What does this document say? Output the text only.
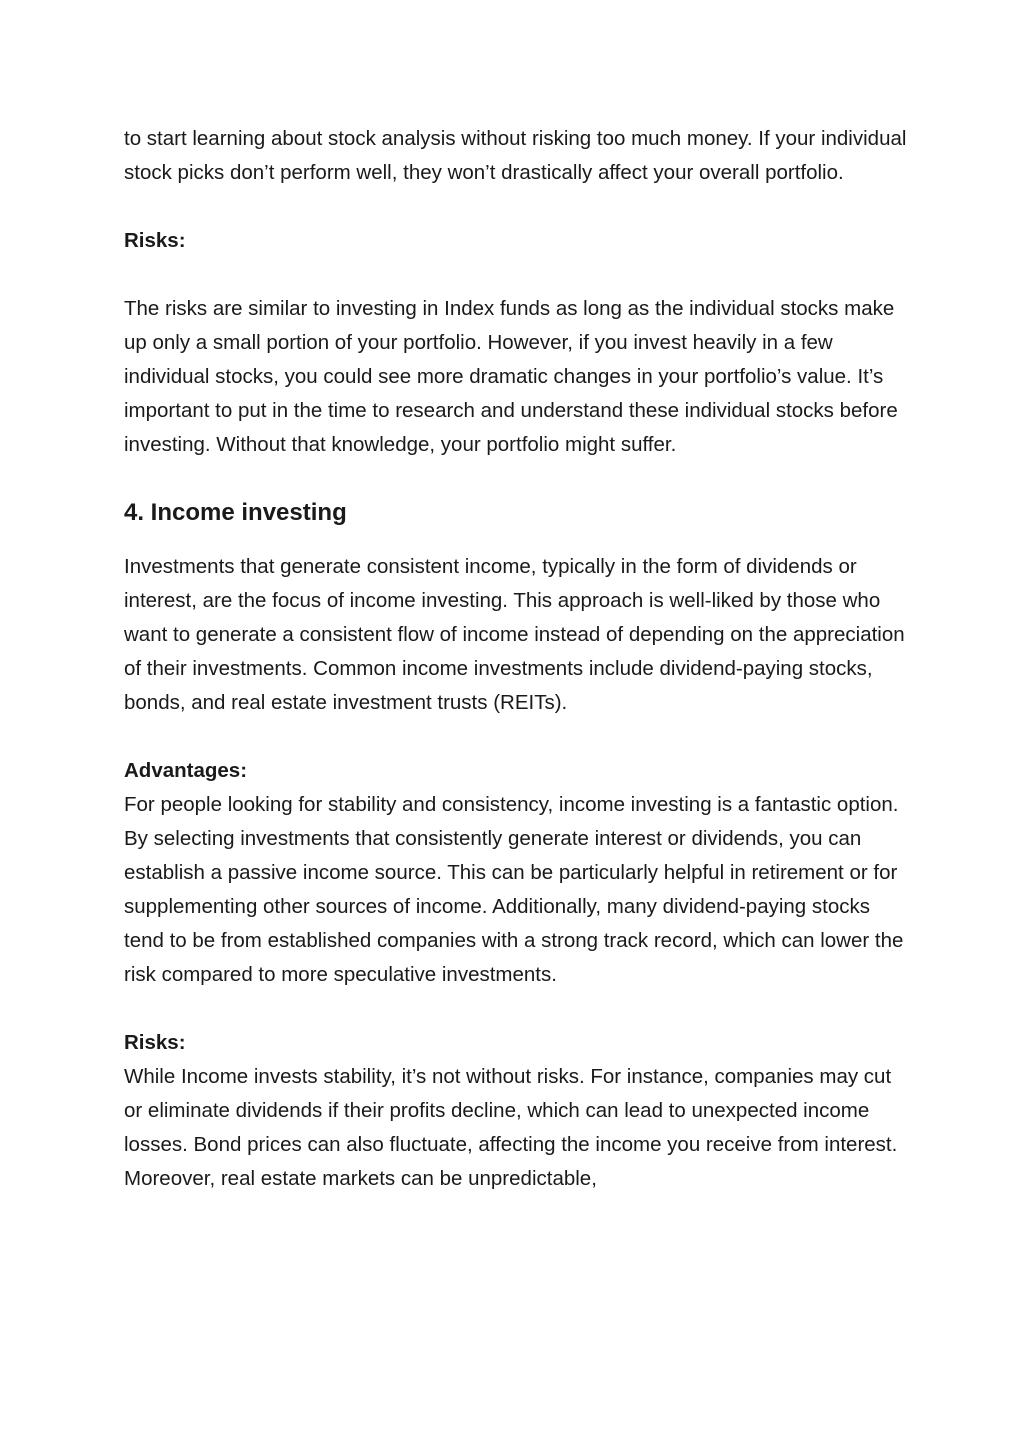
to start learning about stock analysis without risking too much money. If your individual stock picks don’t perform well, they won’t drastically affect your overall portfolio.

Risks:

The risks are similar to investing in Index funds as long as the individual stocks make up only a small portion of your portfolio. However, if you invest heavily in a few individual stocks, you could see more dramatic changes in your portfolio’s value. It’s important to put in the time to research and understand these individual stocks before investing. Without that knowledge, your portfolio might suffer.

4. Income investing

Investments that generate consistent income, typically in the form of dividends or interest, are the focus of income investing. This approach is well-liked by those who want to generate a consistent flow of income instead of depending on the appreciation of their investments. Common income investments include dividend-paying stocks, bonds, and real estate investment trusts (REITs).

Advantages:

For people looking for stability and consistency, income investing is a fantastic option. By selecting investments that consistently generate interest or dividends, you can establish a passive income source. This can be particularly helpful in retirement or for supplementing other sources of income. Additionally, many dividend-paying stocks tend to be from established companies with a strong track record, which can lower the risk compared to more speculative investments.

Risks:

While Income invests stability, it’s not without risks. For instance, companies may cut or eliminate dividends if their profits decline, which can lead to unexpected income losses. Bond prices can also fluctuate, affecting the income you receive from interest. Moreover, real estate markets can be unpredictable,
